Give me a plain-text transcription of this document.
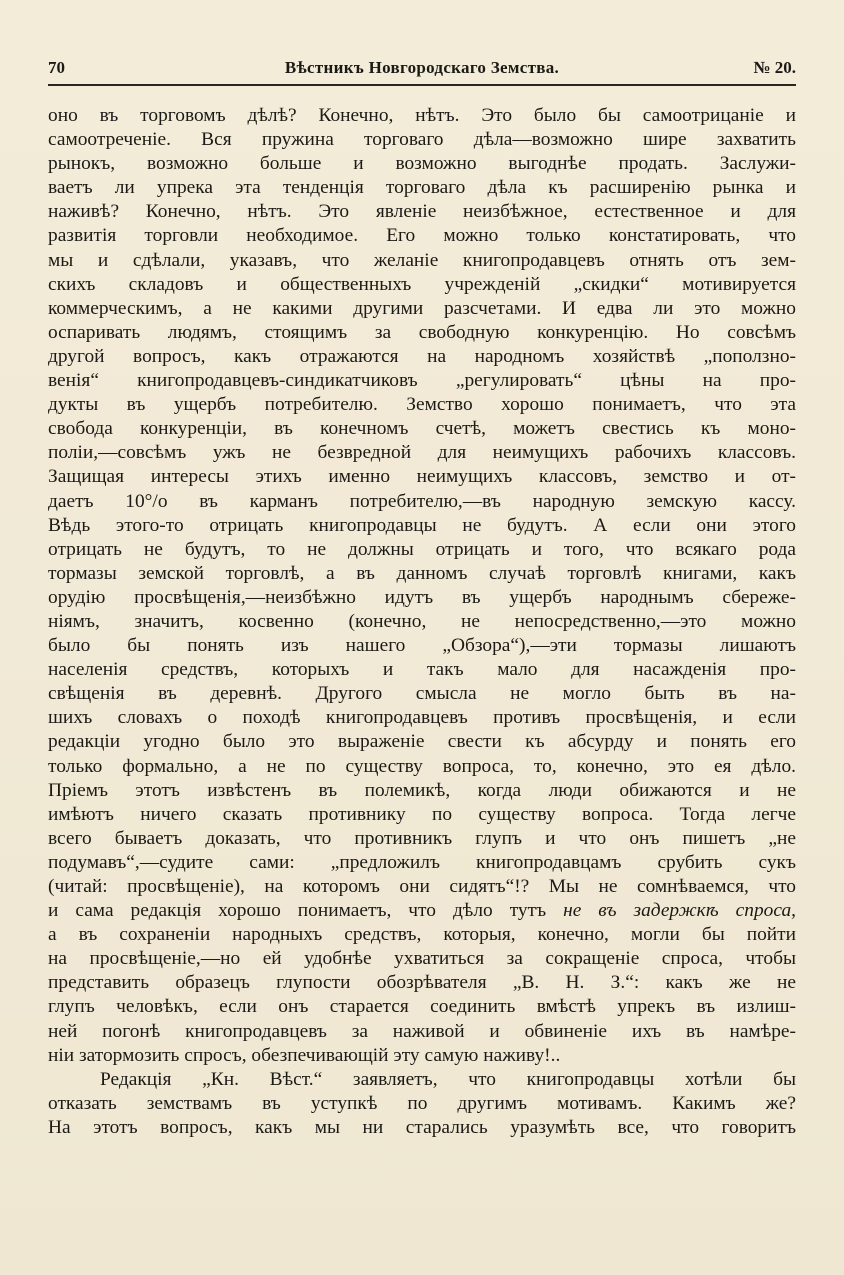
70	Вѣстникъ Новгородскаго Земства.	№ 20.
оно въ торговомъ дѣлѣ? Конечно, нѣтъ. Это было бы самоотрицаніе и
самоотреченіе. Вся пружина торговаго дѣла—возможно шире захватить
рынокъ, возможно больше и возможно выгоднѣе продать. Заслужи-
ваетъ ли упрека эта тенденція торговаго дѣла къ расширенію рынка и
наживѣ? Конечно, нѣтъ. Это явленіе неизбѣжное, естественное и для
развитія торговли необходимое. Его можно только констатировать, что
мы и сдѣлали, указавъ, что желаніе книгопродавцевъ отнять отъ зем-
скихъ складовъ и общественныхъ учрежденій „скидки“ мотивируется
коммерческимъ, а не какими другими разсчетами. И едва ли это можно
оспаривать людямъ, стоящимъ за свободную конкуренцію. Но совсѣмъ
другой вопросъ, какъ отражаются на народномъ хозяйствѣ „поползно-
венія“ книгопродавцевъ-синдикатчиковъ „регулировать“ цѣны на про-
дукты въ ущербъ потребителю. Земство хорошо понимаетъ, что эта
свобода конкуренціи, въ конечномъ счетѣ, можетъ свестись къ моно-
поліи,—совсѣмъ ужъ не безвредной для неимущихъ рабочихъ классовъ.
Защищая интересы этихъ именно неимущихъ классовъ, земство и от-
даетъ 10°/o въ карманъ потребителю,—въ народную земскую кассу.
Вѣдь этого-то отрицать книгопродавцы не будутъ. А если они этого
отрицать не будутъ, то не должны отрицать и того, что всякаго рода
тормазы земской торговлѣ, а въ данномъ случаѣ торговлѣ книгами, какъ
орудію просвѣщенія,—неизбѣжно идутъ въ ущербъ народнымъ сбереже-
ніямъ, значитъ, косвенно (конечно, не непосредственно,—это можно
было бы понять изъ нашего „Обзора“),—эти тормазы лишаютъ
населенія средствъ, которыхъ и такъ мало для насажденія про-
свѣщенія въ деревнѣ. Другого смысла не могло быть въ на-
шихъ словахъ о походѣ книгопродавцевъ противъ просвѣщенія, и если
редакціи угодно было это выраженіе свести къ абсурду и понять его
только формально, а не по существу вопроса, то, конечно, это ея дѣло.
Пріемъ этотъ извѣстенъ въ полемикѣ, когда люди обижаются и не
имѣютъ ничего сказать противнику по существу вопроса. Тогда легче
всего бываетъ доказать, что противникъ глупъ и что онъ пишетъ „не
подумавъ“,—судите сами: „предложилъ книгопродавцамъ срубить сукъ
(читай: просвѣщеніе), на которомъ они сидятъ“!? Мы не сомнѣваемся, что
и сама редакція хорошо понимаетъ, что дѣло тутъ не въ задержкѣ спроса,
а въ сохраненіи народныхъ средствъ, которыя, конечно, могли бы пойти
на просвѣщеніе,—но ей удобнѣе ухватиться за сокращеніе спроса, чтобы
представить образецъ глупости обозрѣвателя „В. Н. З.“: какъ же не
глупъ человѣкъ, если онъ старается соединить вмѣстѣ упрекъ въ излиш-
ней погонѣ книгопродавцевъ за наживой и обвиненіе ихъ въ намѣре-
ніи затормозить спросъ, обезпечивающій эту самую наживу!..
Редакція „Кн. Вѣст.“ заявляетъ, что книгопродавцы хотѣли бы
отказать земствамъ въ уступкѣ по другимъ мотивамъ. Какимъ же?
На этотъ вопросъ, какъ мы ни старались уразумѣть все, что говоритъ
